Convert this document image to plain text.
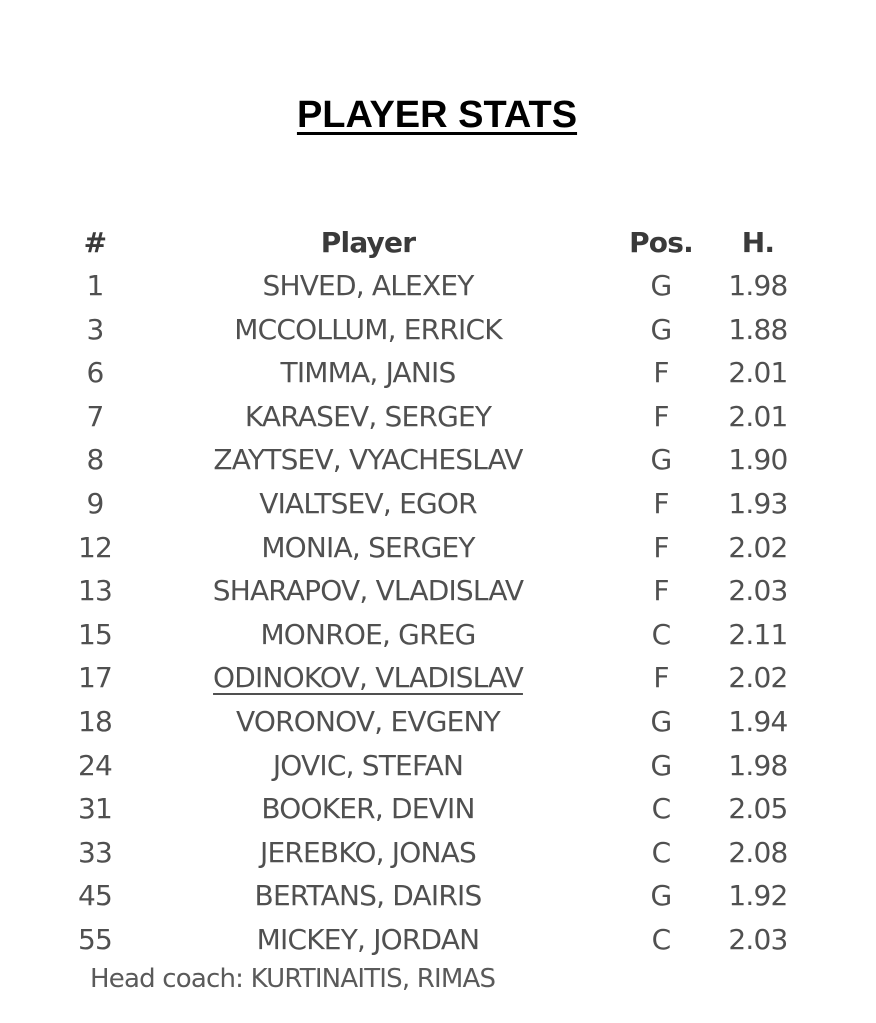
PLAYER STATS
#	Player	Pos.	H.
1	SHVED, ALEXEY	G	1.98
3	MCCOLLUM, ERRICK	G	1.88
6	TIMMA, JANIS	F	2.01
7	KARASEV, SERGEY	F	2.01
8	ZAYTSEV, VYACHESLAV	G	1.90
9	VIALTSEV, EGOR	F	1.93
12	MONIA, SERGEY	F	2.02
13	SHARAPOV, VLADISLAV	F	2.03
15	MONROE, GREG	C	2.11
17	ODINOKOV, VLADISLAV	F	2.02
18	VORONOV, EVGENY	G	1.94
24	JOVIC, STEFAN	G	1.98
31	BOOKER, DEVIN	C	2.05
33	JEREBKO, JONAS	C	2.08
45	BERTANS, DAIRIS	G	1.92
55	MICKEY, JORDAN	C	2.03
Head coach: KURTINAITIS, RIMAS
